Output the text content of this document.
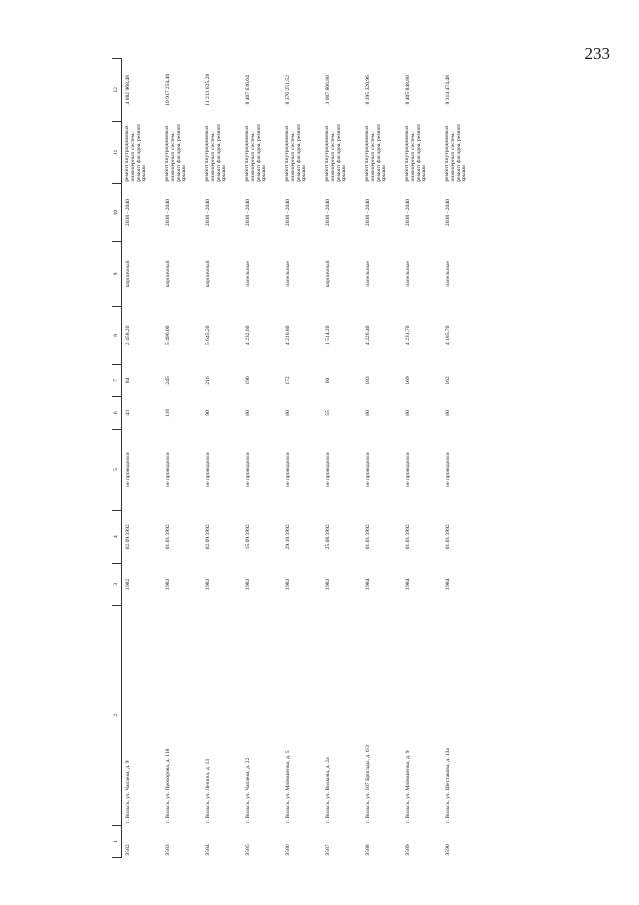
233
1	2	3	4	5	6	7	8	9	10	11	12
3582	г. Вольск, ул. Чапаева, д. 9	1982	02.09.1992	не проводился	43	84	2 458,20	кирпичный	2038 - 2040	ремонт внутридомовых инженерных систем, ремонт фасадов, ремонт крыши	4 882 968,48
3583	г. Вольск, ул. Прохорова, д. 118	1983	01.01.1992	не проводился	116	245	5 496,00	кирпичный	2038 - 2040	ремонт внутридомовых инженерных систем, ремонт фасадов, ремонт крыши	10 917 254,40
3584	г. Вольск, ул. Ленина, д. 13	1983	02.09.1992	не проводился	90	216	5 645,20	кирпичный	2038 - 2040	ремонт внутридомовых инженерных систем, ремонт фасадов, ремонт крыши	11 213 625,28
3585	г. Вольск, ул. Чапаева, д. 22	1983	15.09.1992	не проводился	80	190	4 232,60	панельные	2038 - 2040	ремонт внутридомовых инженерных систем, ремонт фасадов, ремонт крыши	8 407 636,64
3586	г. Вольск, ул. Матюшенко, д. 5	1983	29.10.1992	не проводился	80	172	4 216,80	панельные	2038 - 2040	ремонт внутридомовых инженерных систем, ремонт фасадов, ремонт крыши	8 376 251,52
3587	г. Вольск, ул. Волкова, д. 2а	1983	25.08.1992	не проводился	55	60	1 514,20	кирпичный	2038 - 2040	ремонт внутридомовых инженерных систем, ремонт фасадов, ремонт крыши	3 007 806,88
3588	г. Вольск, ул. 107 Бригады, д. 6/3	1984	01.01.1992	не проводился	80	183	4 226,40	панельные	2038 - 2040	ремонт внутридомовых инженерных систем, ремонт фасадов, ремонт крыши	8 395 320,96
3589	г. Вольск, ул. Матюшенко, д. 9	1984	01.01.1992	не проводился	80	169	4 231,70	панельные	2038 - 2040	ремонт внутридомовых инженерных систем, ремонт фасадов, ремонт крыши	8 405 848,88
3590	г. Вольск, ул. Шестакова, д. 13а	1984	01.01.1992	не проводился	80	162	4 185,70	панельные	2038 - 2040	ремонт внутридомовых инженерных систем, ремонт фасадов, ремонт крыши	8 314 474,48
